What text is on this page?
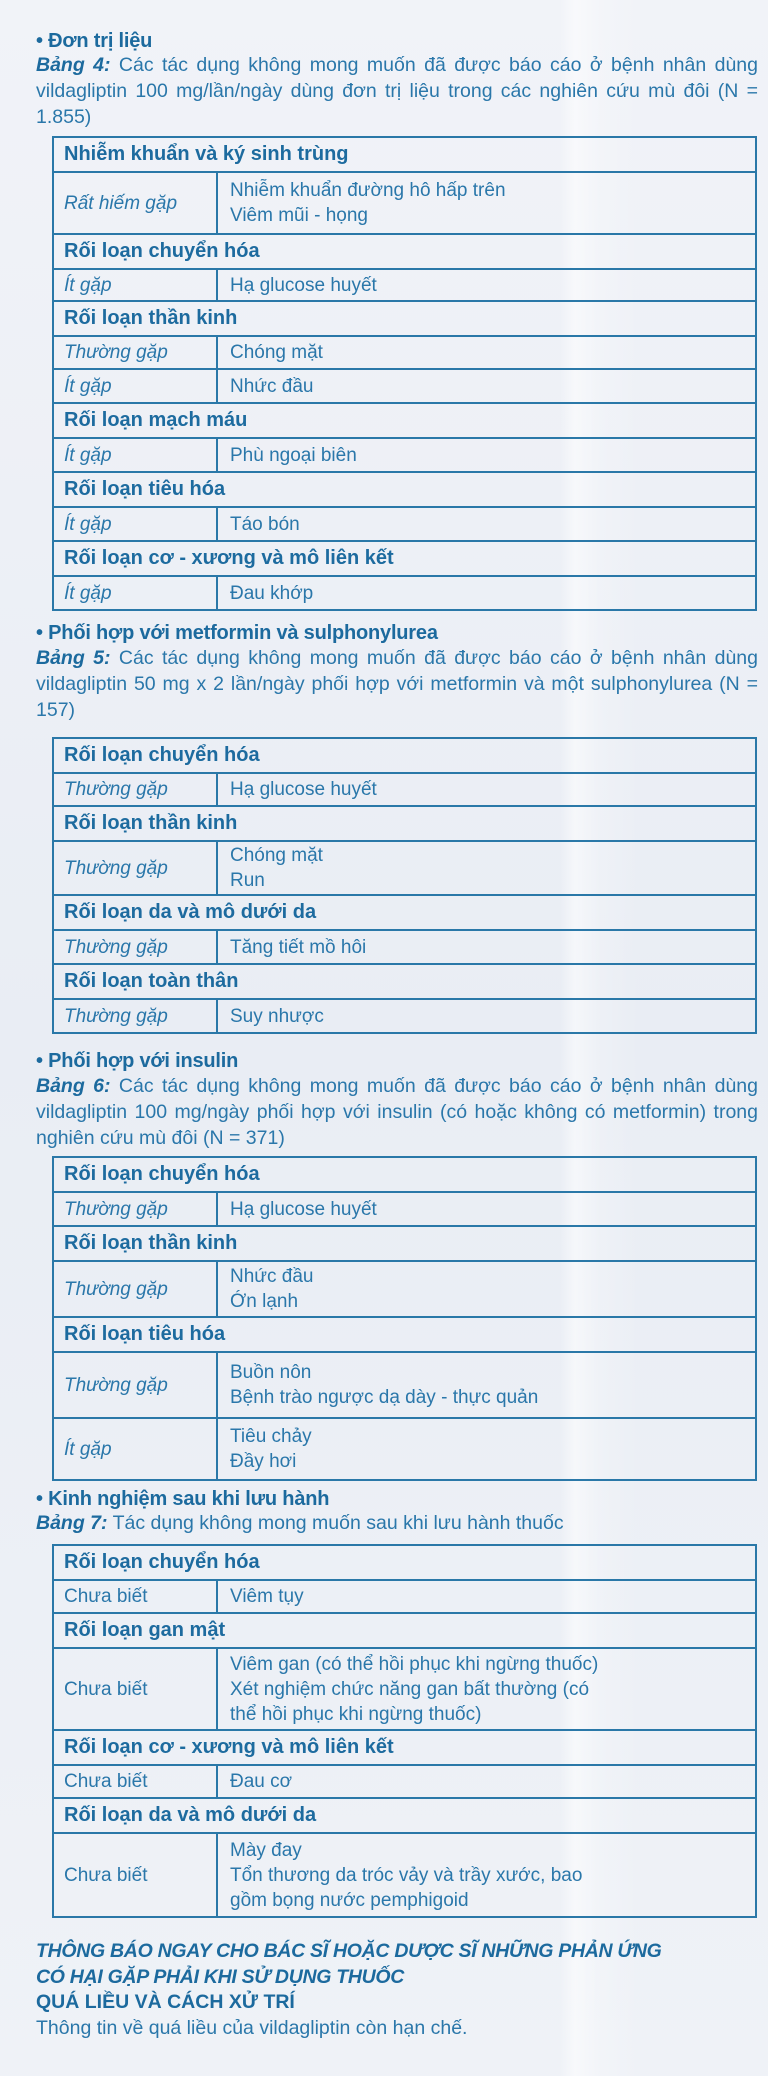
• Đơn trị liệu
Bảng 4: Các tác dụng không mong muốn đã được báo cáo ở bệnh nhân dùng vildagliptin 100 mg/lần/ngày dùng đơn trị liệu trong các nghiên cứu mù đôi (N = 1.855)
Nhiễm khuẩn và ký sinh trùng	
Rất hiếm gặp	Nhiễm khuẩn đường hô hấp trên
Viêm mũi - họng

Rối loạn chuyển hóa	
Ít gặp	Hạ glucose huyết

Rối loạn thần kinh	
Thường gặp	Chóng mặt

Ít gặp	Nhức đầu

Rối loạn mạch máu	
Ít gặp	Phù ngoại biên

Rối loạn tiêu hóa	
Ít gặp	Táo bón

Rối loạn cơ - xương và mô liên kết	
Ít gặp	Đau khớp
• Phối hợp với metformin và sulphonylurea
Bảng 5: Các tác dụng không mong muốn đã được báo cáo ở bệnh nhân dùng vildagliptin 50 mg x 2 lần/ngày phối hợp với metformin và một sulphonylurea (N = 157)
Rối loạn chuyển hóa	
Thường gặp	Hạ glucose huyết

Rối loạn thần kinh	
Thường gặp	Chóng mặt
Run

Rối loạn da và mô dưới da	
Thường gặp	Tăng tiết mồ hôi

Rối loạn toàn thân	
Thường gặp	Suy nhược
• Phối hợp với insulin
Bảng 6: Các tác dụng không mong muốn đã được báo cáo ở bệnh nhân dùng vildagliptin 100 mg/ngày phối hợp với insulin (có hoặc không có metformin) trong nghiên cứu mù đôi (N = 371)
Rối loạn chuyển hóa	
Thường gặp	Hạ glucose huyết

Rối loạn thần kinh	
Thường gặp	Nhức đầu
Ớn lạnh

Rối loạn tiêu hóa	
Thường gặp	Buồn nôn
Bệnh trào ngược dạ dày - thực quản

Ít gặp	Tiêu chảy
Đầy hơi
• Kinh nghiệm sau khi lưu hành
Bảng 7: Tác dụng không mong muốn sau khi lưu hành thuốc
Rối loạn chuyển hóa	
Chưa biết	Viêm tụy

Rối loạn gan mật	
Chưa biết	Viêm gan (có thể hồi phục khi ngừng thuốc)
Xét nghiệm chức năng gan bất thường (có
thể hồi phục khi ngừng thuốc)

Rối loạn cơ - xương và mô liên kết	
Chưa biết	Đau cơ

Rối loạn da và mô dưới da	
Chưa biết	Mày đay
Tổn thương da tróc vảy và trầy xước, bao
gồm bọng nước pemphigoid
THÔNG BÁO NGAY CHO BÁC SĨ HOẶC DƯỢC SĨ NHỮNG PHẢN ỨNG
CÓ HẠI GẶP PHẢI KHI SỬ DỤNG THUỐC
QUÁ LIỀU VÀ CÁCH XỬ TRÍ
Thông tin về quá liều của vildagliptin còn hạn chế.
